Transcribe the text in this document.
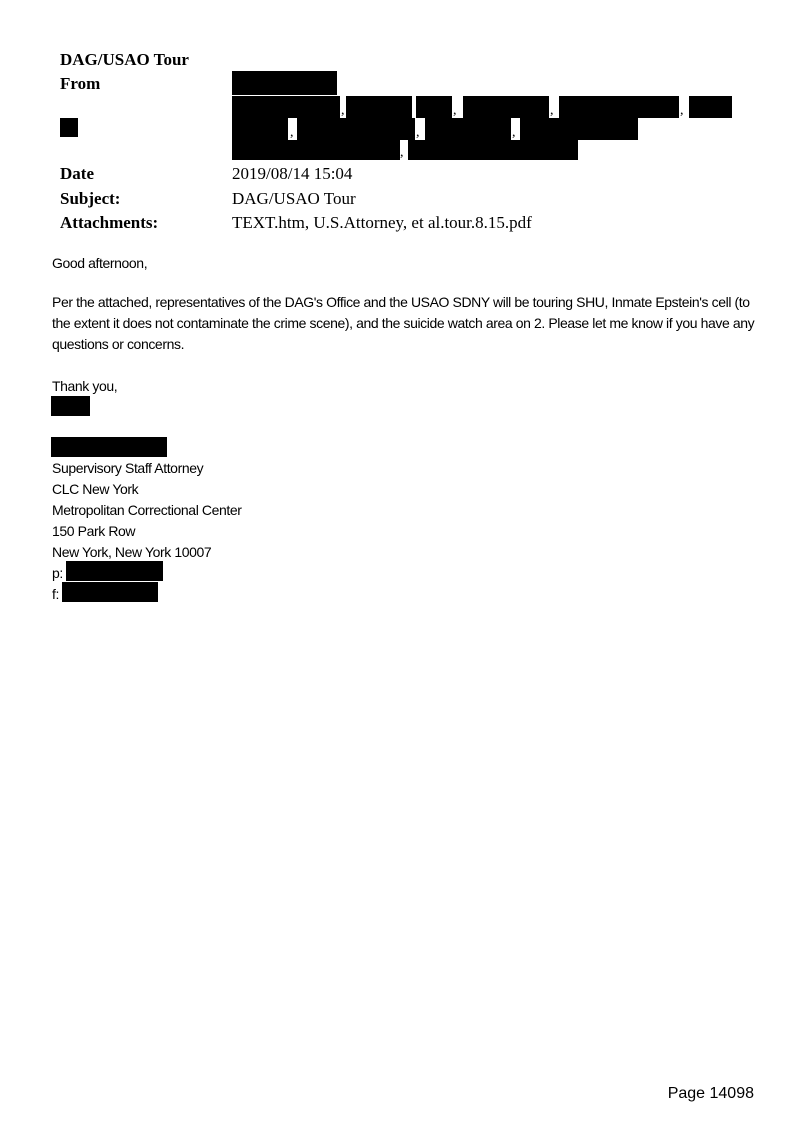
DAG/USAO Tour
From
,	,	,	,
,	,	,
,
Date	2019/08/14 15:04
Subject:	DAG/USAO Tour
Attachments:	TEXT.htm, U.S.Attorney, et al.tour.8.15.pdf
Good afternoon,

Per the attached, representatives of the DAG's Office and the USAO SDNY will be touring SHU, Inmate Epstein's cell (to the extent it does not contaminate the crime scene), and the suicide watch area on 2. Please let me know if you have any questions or concerns.

Thank you,
Supervisory Staff Attorney
CLC New York
Metropolitan Correctional Center
150 Park Row
New York, New York 10007
p:
f:
Page 14098
